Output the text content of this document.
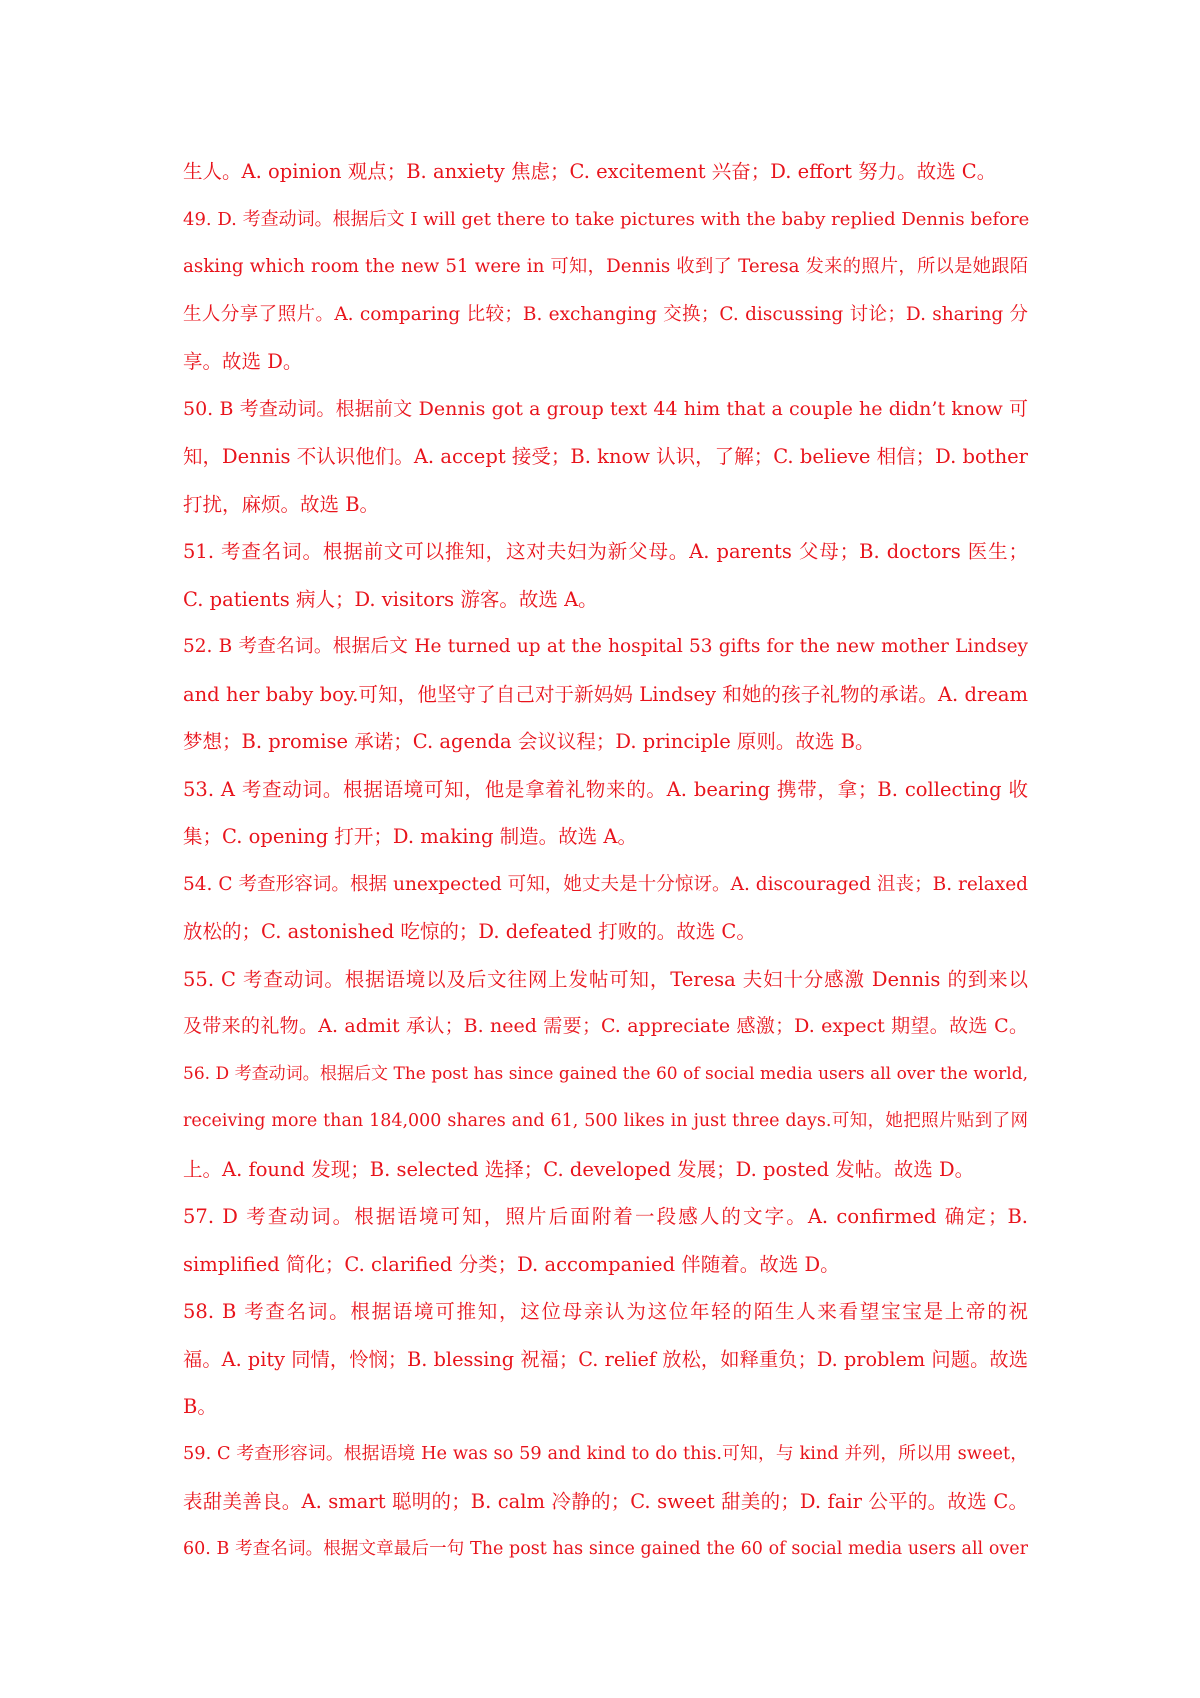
生人。A. opinion 观点；B. anxiety 焦虑；C. excitement 兴奋；D. effort 努力。故选 C。
49. D. 考查动词。根据后文 I will get there to take pictures with the baby replied Dennis before
asking which room the new 51 were in 可知，Dennis 收到了 Teresa 发来的照片，所以是她跟陌
生人分享了照片。A. comparing 比较；B. exchanging 交换；C. discussing 讨论；D. sharing 分
享。故选 D。
50. B 考查动词。根据前文 Dennis got a group text 44 him that a couple he didn’t know 可
知，Dennis 不认识他们。A. accept 接受；B. know 认识，了解；C. believe 相信；D. bother
打扰，麻烦。故选 B。
51. 考查名词。根据前文可以推知，这对夫妇为新父母。A. parents 父母；B. doctors 医生；
C. patients 病人；D. visitors 游客。故选 A。
52. B 考查名词。根据后文 He turned up at the hospital 53 gifts for the new mother Lindsey
and her baby boy.可知，他坚守了自己对于新妈妈 Lindsey 和她的孩子礼物的承诺。A. dream
梦想；B. promise 承诺；C. agenda 会议议程；D. principle 原则。故选 B。
53. A 考查动词。根据语境可知，他是拿着礼物来的。A. bearing 携带，拿；B. collecting 收
集；C. opening 打开；D. making 制造。故选 A。
54. C 考查形容词。根据 unexpected 可知，她丈夫是十分惊讶。A. discouraged 沮丧；B. relaxed
放松的；C. astonished 吃惊的；D. defeated 打败的。故选 C。
55. C 考查动词。根据语境以及后文往网上发帖可知，Teresa 夫妇十分感激 Dennis 的到来以
及带来的礼物。A. admit 承认；B. need 需要；C. appreciate 感激；D. expect 期望。故选 C。
56. D 考查动词。根据后文 The post has since gained the 60 of social media users all over the world,
receiving more than 184,000 shares and 61, 500 likes in just three days.可知，她把照片贴到了网
上。A. found 发现；B. selected 选择；C. developed 发展；D. posted 发帖。故选 D。
57. D 考查动词。根据语境可知，照片后面附着一段感人的文字。A. confirmed 确定；B.
simplified 简化；C. clarified 分类；D. accompanied 伴随着。故选 D。
58. B 考查名词。根据语境可推知，这位母亲认为这位年轻的陌生人来看望宝宝是上帝的祝
福。A. pity 同情，怜悯；B. blessing 祝福；C. relief 放松，如释重负；D. problem 问题。故选
B。
59. C 考查形容词。根据语境 He was so 59 and kind to do this.可知，与 kind 并列，所以用 sweet，
表甜美善良。A. smart 聪明的；B. calm 冷静的；C. sweet 甜美的；D. fair 公平的。故选 C。
60. B 考查名词。根据文章最后一句 The post has since gained the 60 of social media users all over
